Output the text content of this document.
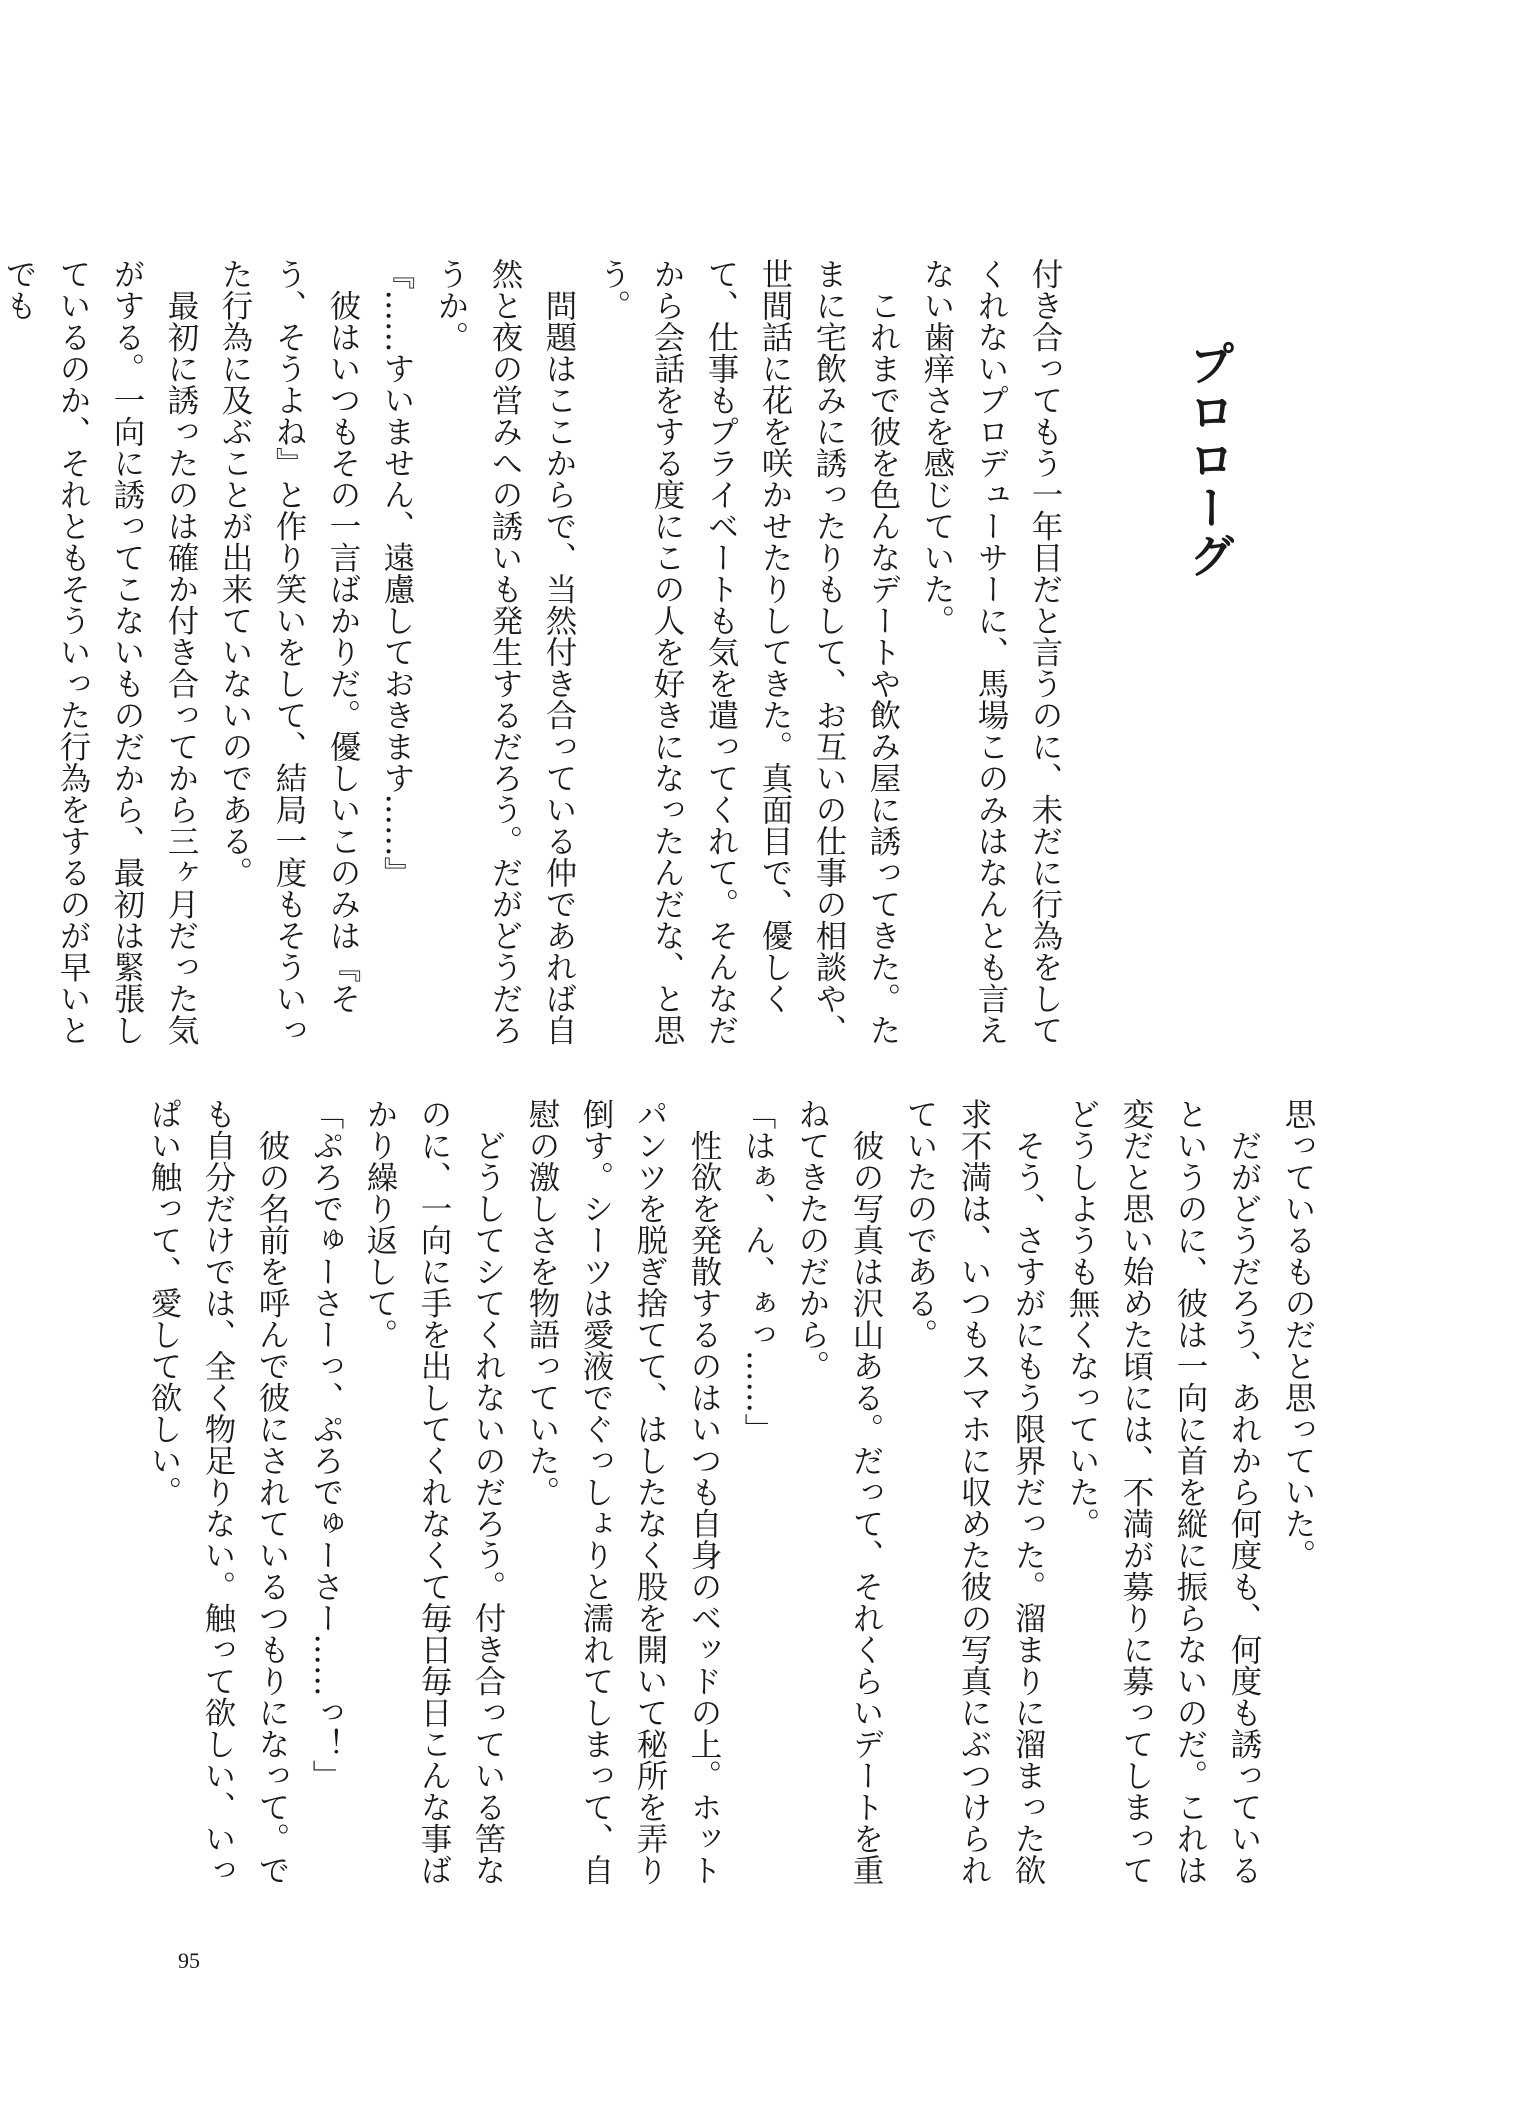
プロローグ

付き合ってもう一年目だと言うのに、未だに行為をしてくれないプロデューサーに、馬場このみはなんとも言えない歯痒さを感じていた。

　これまで彼を色んなデートや飲み屋に誘ってきた。たまに宅飲みに誘ったりもして、お互いの仕事の相談や、世間話に花を咲かせたりしてきた。真面目で、優しくて、仕事もプライベートも気を遣ってくれて。そんなだから会話をする度にこの人を好きになったんだな、と思う。

　問題はここからで、当然付き合っている仲であれば自然と夜の営みへの誘いも発生するだろう。だがどうだろうか。

『……すいません、遠慮しておきます……』

　彼はいつもその一言ばかりだ。優しいこのみは『そう、そうよね』と作り笑いをして、結局一度もそういった行為に及ぶことが出来ていないのである。

　最初に誘ったのは確か付き合ってから三ヶ月だった気がする。一向に誘ってこないものだから、最初は緊張しているのか、それともそういった行為をするのが早いとでも

思っているものだと思っていた。

　だがどうだろう、あれから何度も、何度も誘っているというのに、彼は一向に首を縦に振らないのだ。これは変だと思い始めた頃には、不満が募りに募ってしまってどうしようも無くなっていた。

　そう、さすがにもう限界だった。溜まりに溜まった欲求不満は、いつもスマホに収めた彼の写真にぶつけられていたのである。

　彼の写真は沢山ある。だって、それくらいデートを重ねてきたのだから。

「はぁ、ん、ぁっ……」

　性欲を発散するのはいつも自身のベッドの上。ホットパンツを脱ぎ捨てて、はしたなく股を開いて秘所を弄り倒す。シーツは愛液でぐっしょりと濡れてしまって、自慰の激しさを物語っていた。

　どうしてシてくれないのだろう。付き合っている筈なのに、一向に手を出してくれなくて毎日毎日こんな事ばかり繰り返して。

「ぷろでゅーさーっ、ぷろでゅーさー……っ！」

　彼の名前を呼んで彼にされているつもりになって。でも自分だけでは、全く物足りない。触って欲しい、いっぱい触って、愛して欲しい。

95
